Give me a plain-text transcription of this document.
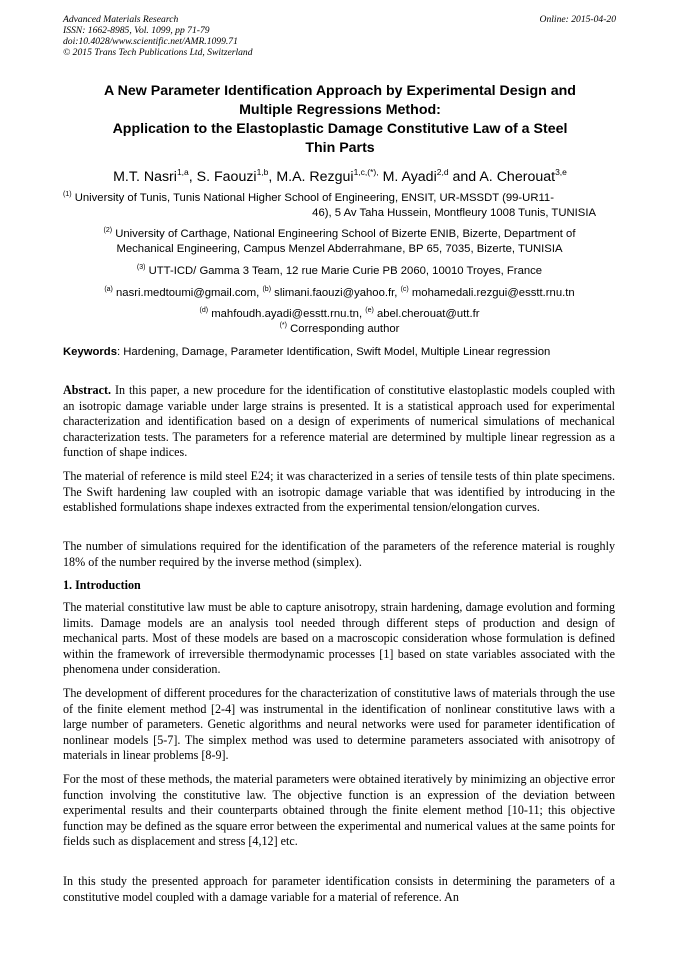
Advanced Materials Research
ISSN: 1662-8985, Vol. 1099, pp 71-79
doi:10.4028/www.scientific.net/AMR.1099.71
© 2015 Trans Tech Publications Ltd, Switzerland
Online: 2015-04-20
A New Parameter Identification Approach by Experimental Design and
Multiple Regressions Method:
Application to the Elastoplastic Damage Constitutive Law of a Steel
Thin Parts
M.T. Nasri$^{1,a}$, S. Faouzi$^{1,b}$, M.A. Rezgui$^{1,c,(*),}$ M. Ayadi$^{2,d}$ and A. Cherouat$^{3,e}$
$^{(1)}$ University of Tunis, Tunis National Higher School of Engineering, ENSIT, UR-MSSDT (99-UR11-
46), 5 Av Taha Hussein, Montfleury 1008 Tunis, TUNISIA
$^{(2)}$ University of Carthage, National Engineering School of Bizerte ENIB, Bizerte, Department of
Mechanical Engineering, Campus Menzel Abderrahmane, BP 65, 7035, Bizerte, TUNISIA
$^{(3)}$ UTT-ICD/ Gamma 3 Team, 12 rue Marie Curie PB 2060, 10010 Troyes, France
$^{(a)}$ nasri.medtoumi@gmail.com, $^{(b)}$ slimani.faouzi@yahoo.fr, $^{(c)}$ mohamedali.rezgui@esstt.rnu.tn
$^{(d)}$ mahfoudh.ayadi@esstt.rnu.tn, $^{(e)}$ abel.cherouat@utt.fr
(*) Corresponding author
Keywords: Hardening, Damage, Parameter Identification, Swift Model, Multiple Linear regression
Abstract. In this paper, a new procedure for the identification of constitutive elastoplastic models coupled with an isotropic damage variable under large strains is presented. It is a statistical approach used for experimental characterization and identification based on a design of experiments of numerical simulations of mechanical characterization tests. The parameters for a reference material are determined by multiple linear regression as a function of shape indices.
The material of reference is mild steel E24; it was characterized in a series of tensile tests of thin plate specimens. The Swift hardening law coupled with an isotropic damage variable that was identified by introducing in the established formulations shape indexes extracted from the experimental tension/elongation curves.
The number of simulations required for the identification of the parameters of the reference material is roughly 18% of the number required by the inverse method (simplex).
1. Introduction
The material constitutive law must be able to capture anisotropy, strain hardening, damage evolution and forming limits. Damage models are an analysis tool needed through different steps of production and design of mechanical parts. Most of these models are based on a macroscopic consideration whose formulation is defined within the framework of irreversible thermodynamic processes [1] based on state variables associated with the phenomena under consideration.
The development of different procedures for the characterization of constitutive laws of materials through the use of the finite element method [2-4] was instrumental in the identification of nonlinear constitutive laws with a large number of parameters. Genetic algorithms and neural networks were used for parameter identification of nonlinear models [5-7]. The simplex method was used to determine parameters associated with anisotropy of materials in linear problems [8-9].
For the most of these methods, the material parameters were obtained iteratively by minimizing an objective error function involving the constitutive law. The objective function is an expression of the deviation between experimental results and their counterparts obtained through the finite element method [10-11; this objective function may be defined as the square error between the experimental and numerical values at the same points for fields such as displacement and stress [4,12] etc.
In this study the presented approach for parameter identification consists in determining the parameters of a constitutive model coupled with a damage variable for a material of reference. An
